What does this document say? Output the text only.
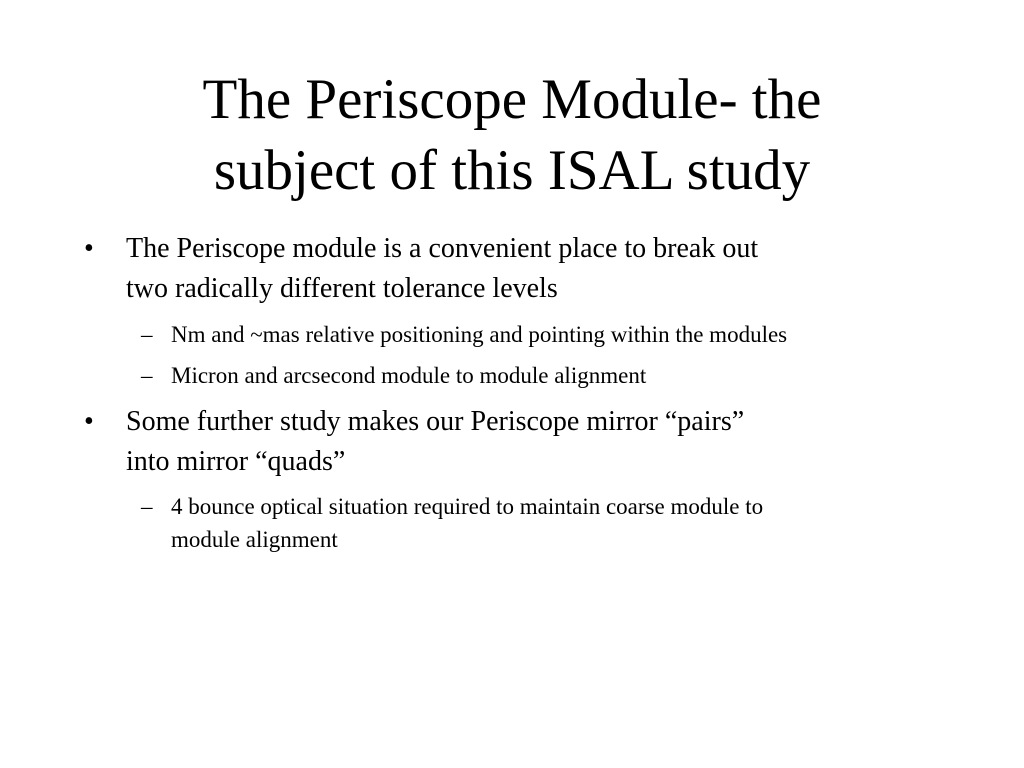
The Periscope Module- the
subject of this ISAL study
• The Periscope module is a convenient place to break out
two radically different tolerance levels
– Nm and ~mas relative positioning and pointing within the modules
– Micron and arcsecond module to module alignment
• Some further study makes our Periscope mirror “pairs”
into mirror “quads”
– 4 bounce optical situation required to maintain coarse module to
module alignment
